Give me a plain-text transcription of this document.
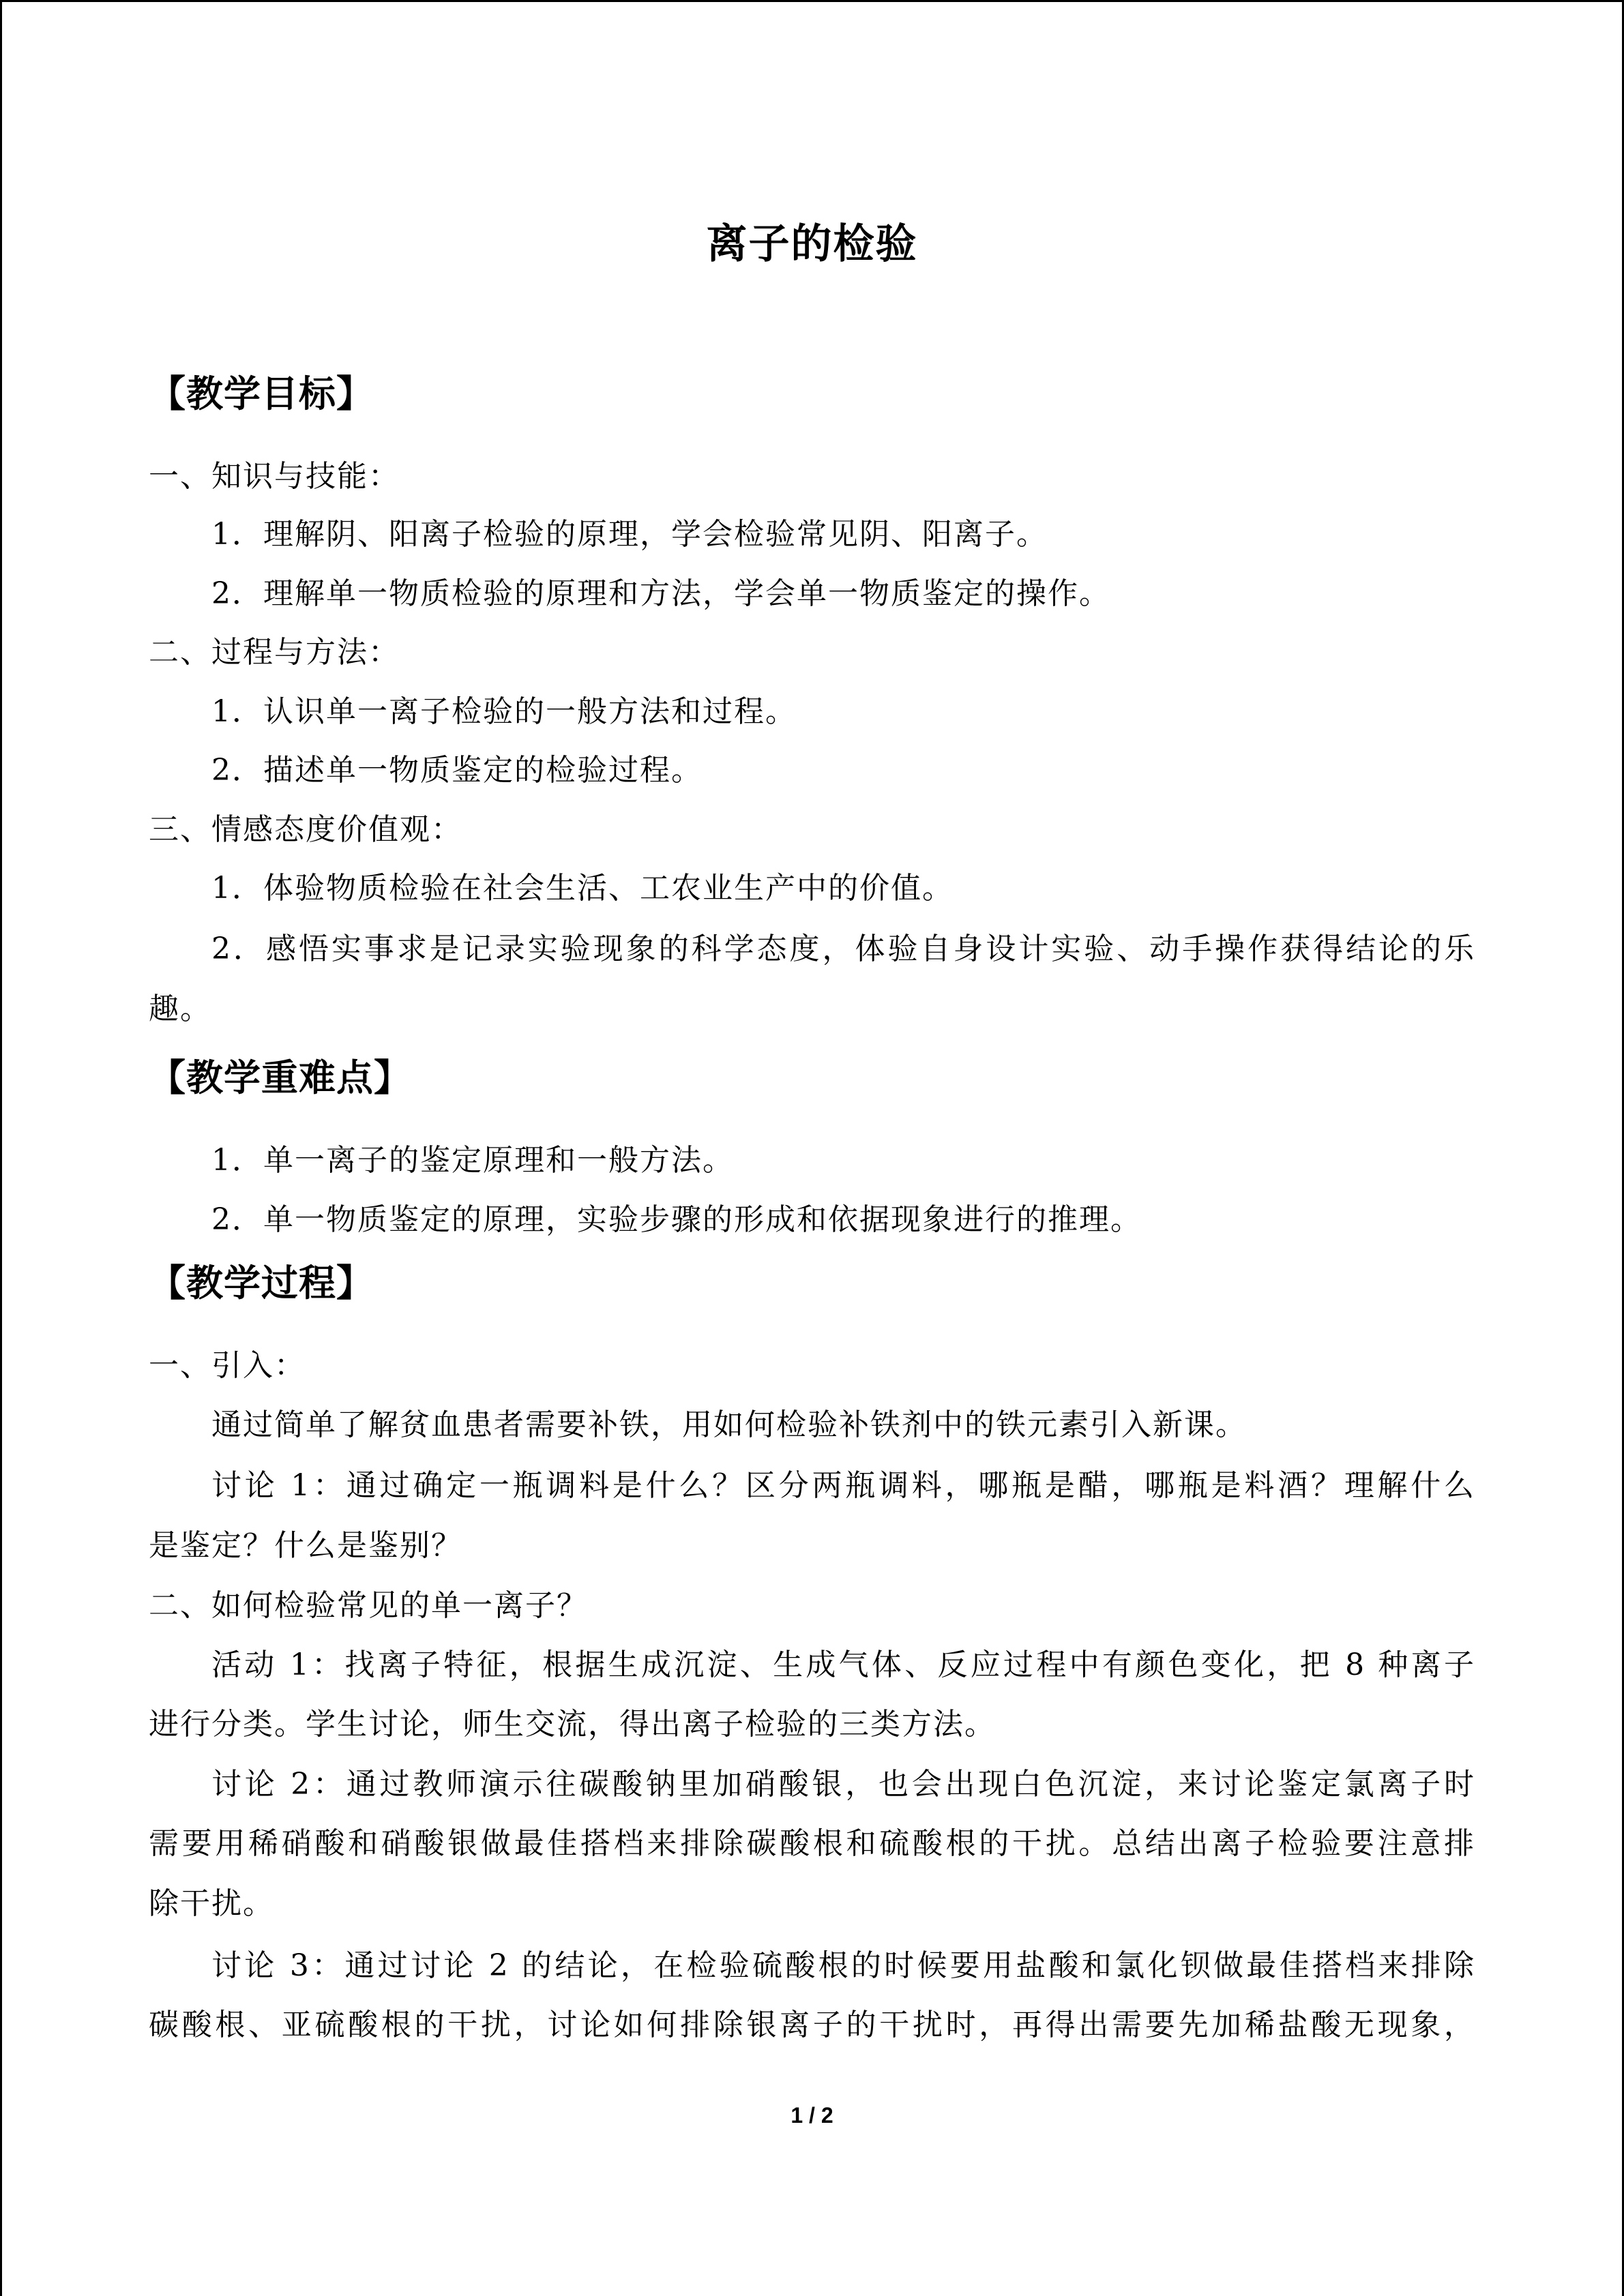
离子的检验
【教学目标】
一、知识与技能：
1．理解阴、阳离子检验的原理，学会检验常见阴、阳离子。
2．理解单一物质检验的原理和方法，学会单一物质鉴定的操作。
二、过程与方法：
1．认识单一离子检验的一般方法和过程。
2．描述单一物质鉴定的检验过程。
三、情感态度价值观：
1．体验物质检验在社会生活、工农业生产中的价值。
2．感悟实事求是记录实验现象的科学态度，体验自身设计实验、动手操作获得结论的乐
趣。
【教学重难点】
1．单一离子的鉴定原理和一般方法。
2．单一物质鉴定的原理，实验步骤的形成和依据现象进行的推理。
【教学过程】
一、引入：
通过简单了解贫血患者需要补铁，用如何检验补铁剂中的铁元素引入新课。
讨论 1：通过确定一瓶调料是什么？区分两瓶调料，哪瓶是醋，哪瓶是料酒？理解什么
是鉴定？什么是鉴别？
二、如何检验常见的单一离子？
活动 1：找离子特征，根据生成沉淀、生成气体、反应过程中有颜色变化，把 8 种离子
进行分类。学生讨论，师生交流，得出离子检验的三类方法。
讨论 2：通过教师演示往碳酸钠里加硝酸银，也会出现白色沉淀，来讨论鉴定氯离子时
需要用稀硝酸和硝酸银做最佳搭档来排除碳酸根和硫酸根的干扰。总结出离子检验要注意排
除干扰。
讨论 3：通过讨论 2 的结论，在检验硫酸根的时候要用盐酸和氯化钡做最佳搭档来排除
碳酸根、亚硫酸根的干扰，讨论如何排除银离子的干扰时，再得出需要先加稀盐酸无现象，
1 / 2
